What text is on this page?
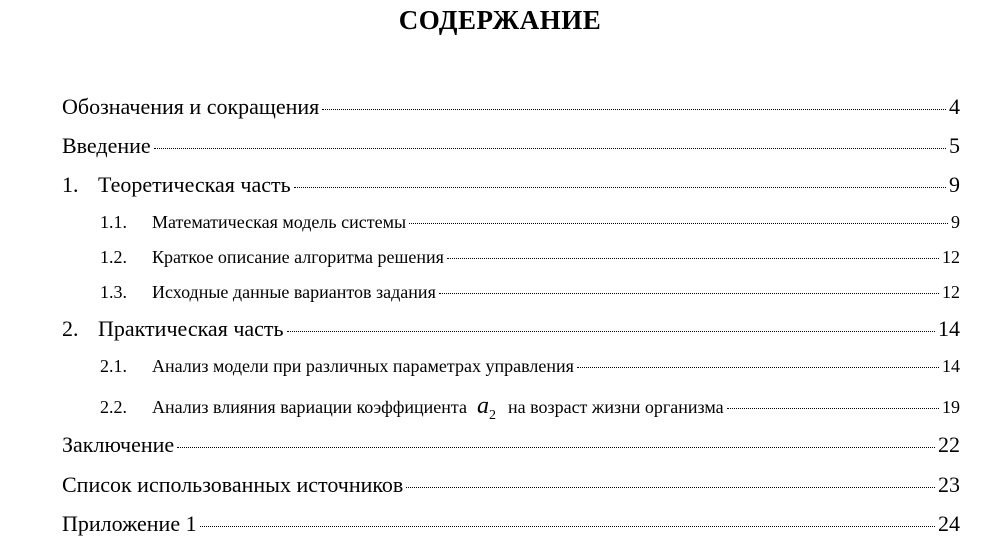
СОДЕРЖАНИЕ
Обозначения и сокращения	4
Введение	5
1. Теоретическая часть	9
1.1.	Математическая модель системы	9
1.2.	Краткое описание алгоритма решения	12
1.3.	Исходные данные вариантов задания	12
2. Практическая часть	14
2.1.	Анализ модели при различных параметрах управления	14
2.2.	Анализ влияния вариации коэффициента $a_2$ на возраст жизни организма	19
Заключение	22
Список использованных источников	23
Приложение 1	24
